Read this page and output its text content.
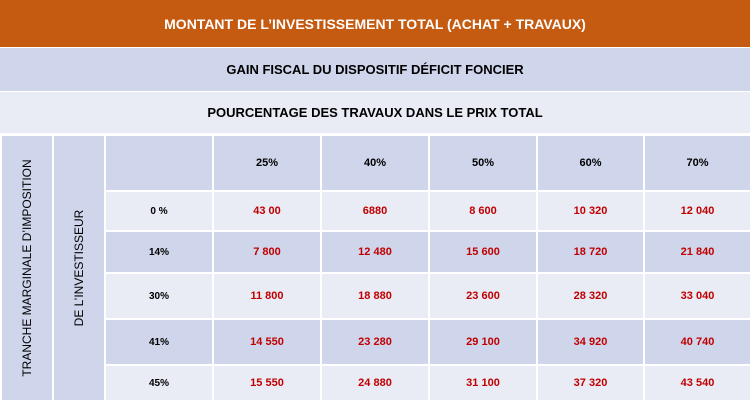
MONTANT DE L’INVESTISSEMENT TOTAL (ACHAT + TRAVAUX)
GAIN FISCAL DU DISPOSITIF DÉFICIT FONCIER
POURCENTAGE DES TRAVAUX DANS LE PRIX TOTAL
TRANCHE MARGINALE D’IMPOSITION	DE L’INVESTISSEUR		25%	40%	50%	60%	70%
		0 %	43 00	6880	8 600	10 320	12 040
		14%	7 800	12 480	15 600	18 720	21 840
		30%	11 800	18 880	23 600	28 320	33 040
		41%	14 550	23 280	29 100	34 920	40 740
		45%	15 550	24 880	31 100	37 320	43 540
